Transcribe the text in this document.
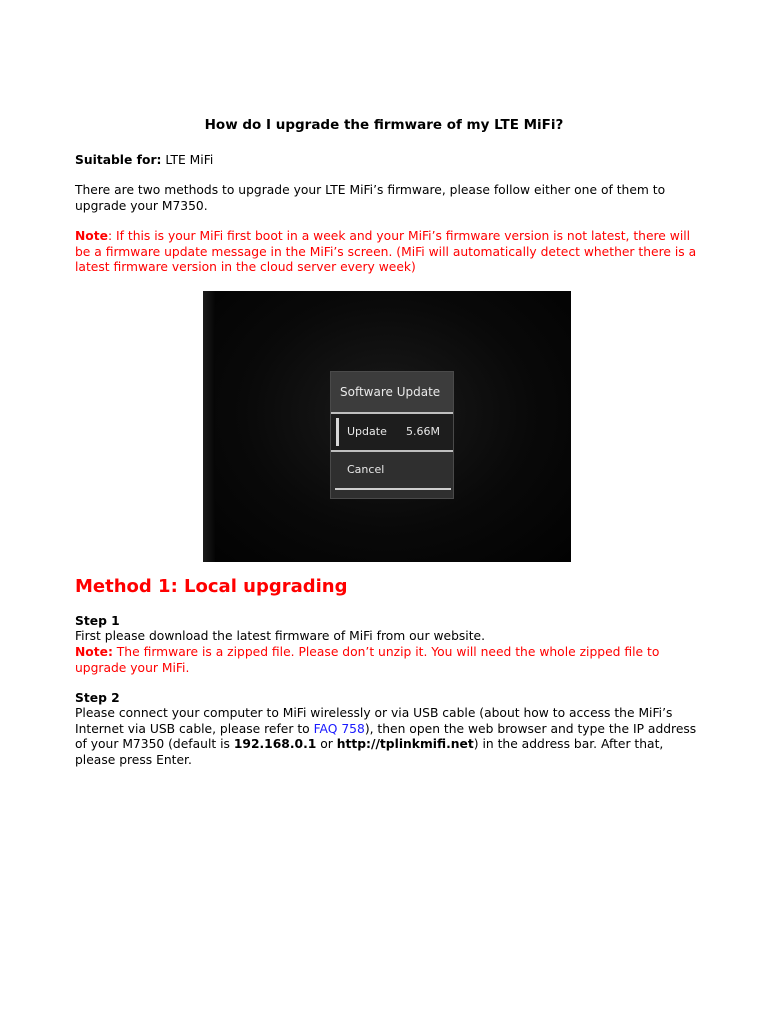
How do I upgrade the firmware of my LTE MiFi?
Suitable for: LTE MiFi
There are two methods to upgrade your LTE MiFi’s firmware, please follow either one of them to upgrade your M7350.
Note: If this is your MiFi first boot in a week and your MiFi’s firmware version is not latest, there will be a firmware update message in the MiFi’s screen. (MiFi will automatically detect whether there is a latest firmware version in the cloud server every week)
Software Update
Update 5.66M
Cancel
Method 1: Local upgrading
Step 1
First please download the latest firmware of MiFi from our website.
Note: The firmware is a zipped file. Please don’t unzip it. You will need the whole zipped file to upgrade your MiFi.
Step 2
Please connect your computer to MiFi wirelessly or via USB cable (about how to access the MiFi’s Internet via USB cable, please refer to FAQ 758), then open the web browser and type the IP address of your M7350 (default is 192.168.0.1 or http://tplinkmifi.net) in the address bar. After that, please press Enter.
